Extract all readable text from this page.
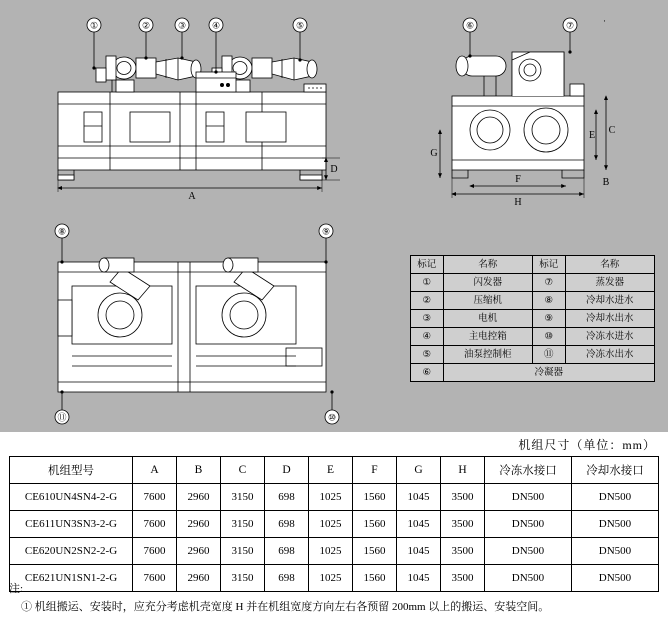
①	②	③	④	⑤	⑥	⑦
⑧	⑨
⑩
⑪
A
D
C
E
G
F
H
B
·
标记	名称	标记	名称
①	闪发器	⑦	蒸发器
②	压缩机	⑧	冷却水进水
③	电机	⑨	冷却水出水
④	主电控箱	⑩	冷冻水进水
⑤	油泵控制柜	⑪	冷冻水出水
⑥	冷凝器		
机组尺寸（单位：mm）
机组型号	A	B	C	D	E	F	G	H	冷冻水接口	冷却水接口
CE610UN4SN4-2-G	7600	2960	3150	698	1025	1560	1045	3500	DN500	DN500
CE611UN3SN3-2-G	7600	2960	3150	698	1025	1560	1045	3500	DN500	DN500
CE620UN2SN2-2-G	7600	2960	3150	698	1025	1560	1045	3500	DN500	DN500
CE621UN1SN1-2-G	7600	2960	3150	698	1025	1560	1045	3500	DN500	DN500
注:
① 机组搬运、安装时，应充分考虑机壳宽度 H 并在机组宽度方向左右各预留 200mm 以上的搬运、安装空间。
